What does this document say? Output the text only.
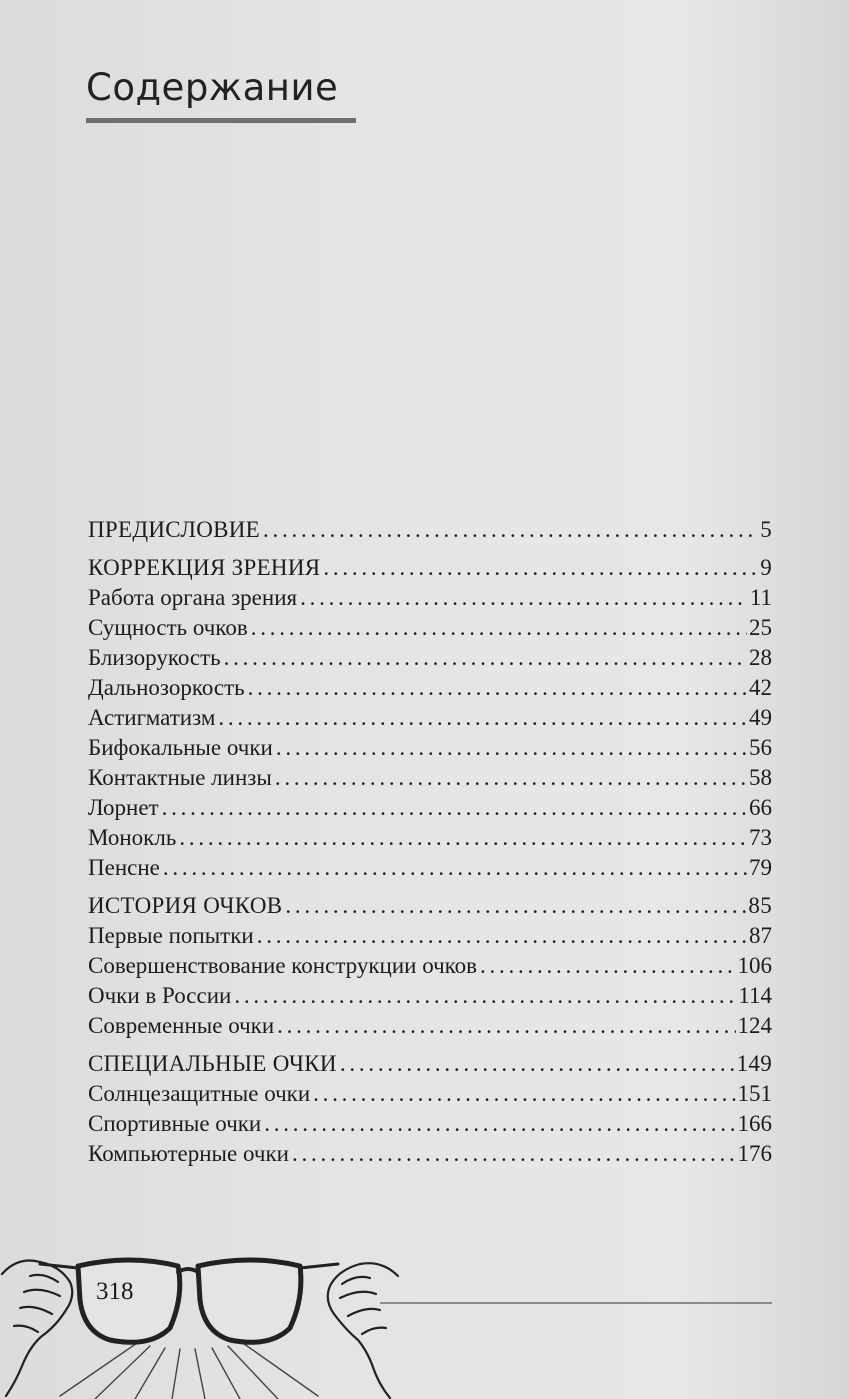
Содержание
ПРЕДИСЛОВИЕ . . .	5
КОРРЕКЦИЯ ЗРЕНИЯ . . .	9
Работа органа зрения . . .	11
Сущность очков . . .	25
Близорукость . . .	28
Дальнозоркость . . .	42
Астигматизм . . .	49
Бифокальные очки . . .	56
Контактные линзы . . .	58
Лорнет . . .	66
Монокль . . .	73
Пенсне . . .	79
ИСТОРИЯ ОЧКОВ . . .	85
Первые попытки . . .	87
Совершенствование конструкции очков . . .	106
Очки в России . . .	114
Современные очки . . .	124
СПЕЦИАЛЬНЫЕ ОЧКИ . . .	149
Солнцезащитные очки . . .	151
Спортивные очки . . .	166
Компьютерные очки . . .	176
318
